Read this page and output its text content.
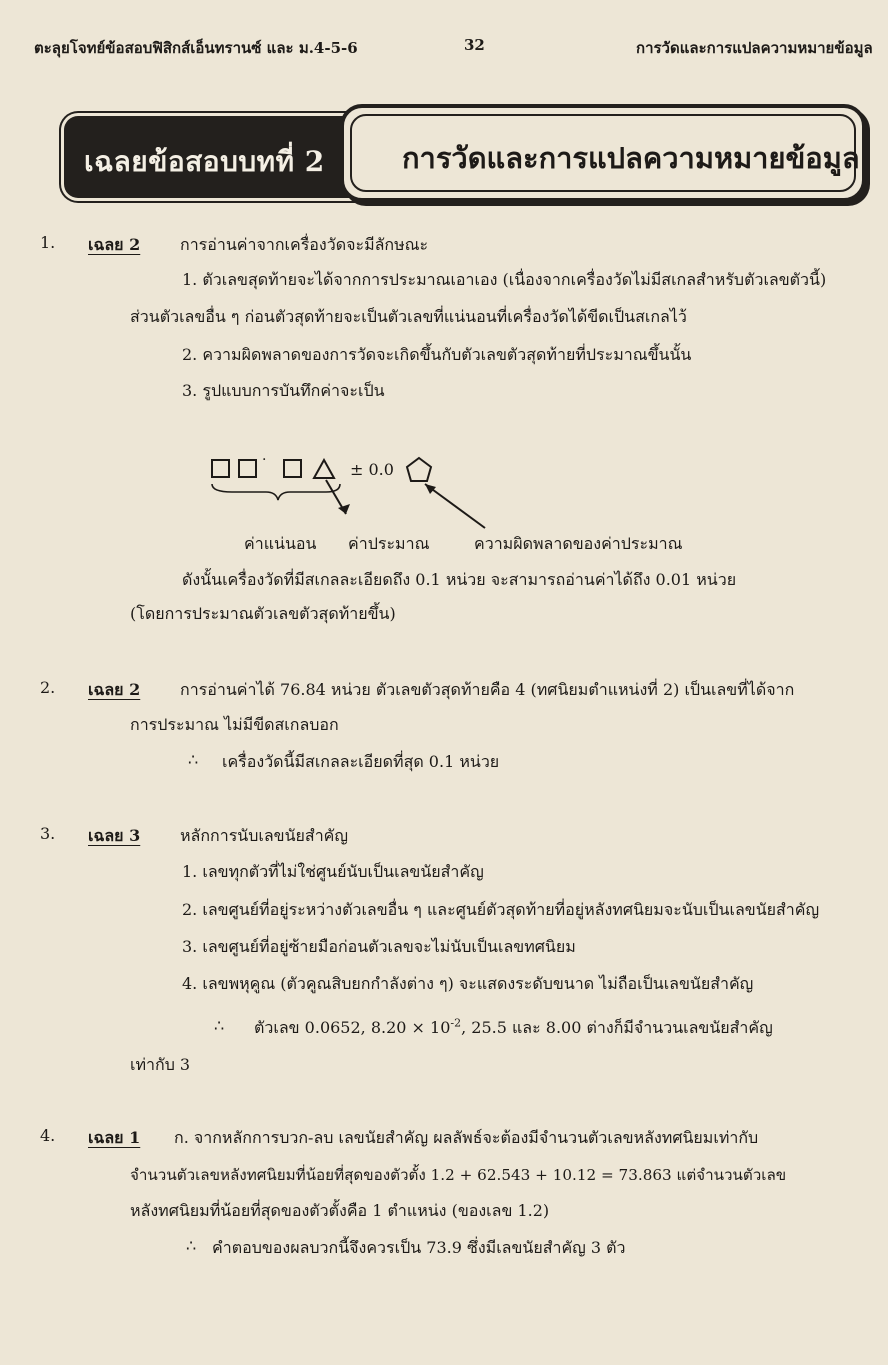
ตะลุยโจทย์ข้อสอบฟิสิกส์เอ็นทรานซ์ และ ม.4-5-6	32	การวัดและการแปลความหมายข้อมูล
เฉลยข้อสอบบทที่ 2	การวัดและการแปลความหมายข้อมูล
1. เฉลย 2 การอ่านค่าจากเครื่องวัดจะมีลักษณะ
1. ตัวเลขสุดท้ายจะได้จากการประมาณเอาเอง (เนื่องจากเครื่องวัดไม่มีสเกลสำหรับตัวเลขตัวนี้)
ส่วนตัวเลขอื่น ๆ ก่อนตัวสุดท้ายจะเป็นตัวเลขที่แน่นอนที่เครื่องวัดได้ขีดเป็นสเกลไว้
2. ความผิดพลาดของการวัดจะเกิดขึ้นกับตัวเลขตัวสุดท้ายที่ประมาณขึ้นนั้น
3. รูปแบบการบันทึกค่าจะเป็น
·	± 0.0
ค่าแน่นอน ค่าประมาณ	ความผิดพลาดของค่าประมาณ
ดังนั้นเครื่องวัดที่มีสเกลละเอียดถึง 0.1 หน่วย จะสามารถอ่านค่าได้ถึง 0.01 หน่วย
(โดยการประมาณตัวเลขตัวสุดท้ายขึ้น)
2. เฉลย 2 การอ่านค่าได้ 76.84 หน่วย ตัวเลขตัวสุดท้ายคือ 4 (ทศนิยมตำแหน่งที่ 2) เป็นเลขที่ได้จาก
การประมาณ ไม่มีขีดสเกลบอก
∴ เครื่องวัดนี้มีสเกลละเอียดที่สุด 0.1 หน่วย
3. เฉลย 3 หลักการนับเลขนัยสำคัญ
1. เลขทุกตัวที่ไม่ใช่ศูนย์นับเป็นเลขนัยสำคัญ
2. เลขศูนย์ที่อยู่ระหว่างตัวเลขอื่น ๆ และศูนย์ตัวสุดท้ายที่อยู่หลังทศนิยมจะนับเป็นเลขนัยสำคัญ
3. เลขศูนย์ที่อยู่ซ้ายมือก่อนตัวเลขจะไม่นับเป็นเลขทศนิยม
4. เลขพหุคูณ (ตัวคูณสิบยกกำลังต่าง ๆ) จะแสดงระดับขนาด ไม่ถือเป็นเลขนัยสำคัญ
∴ ตัวเลข 0.0652, $8.20 \times 10^{-2}$, 25.5 และ 8.00 ต่างก็มีจำนวนเลขนัยสำคัญ
เท่ากับ 3
4. เฉลย 1 ก. จากหลักการบวก-ลบ เลขนัยสำคัญ ผลลัพธ์จะต้องมีจำนวนตัวเลขหลังทศนิยมเท่ากับ
จำนวนตัวเลขหลังทศนิยมที่น้อยที่สุดของตัวตั้ง 1.2 + 62.543 + 10.12 = 73.863 แต่จำนวนตัวเลข
หลังทศนิยมที่น้อยที่สุดของตัวตั้งคือ 1 ตำแหน่ง (ของเลข 1.2)
∴ คำตอบของผลบวกนี้จึงควรเป็น 73.9 ซึ่งมีเลขนัยสำคัญ 3 ตัว
